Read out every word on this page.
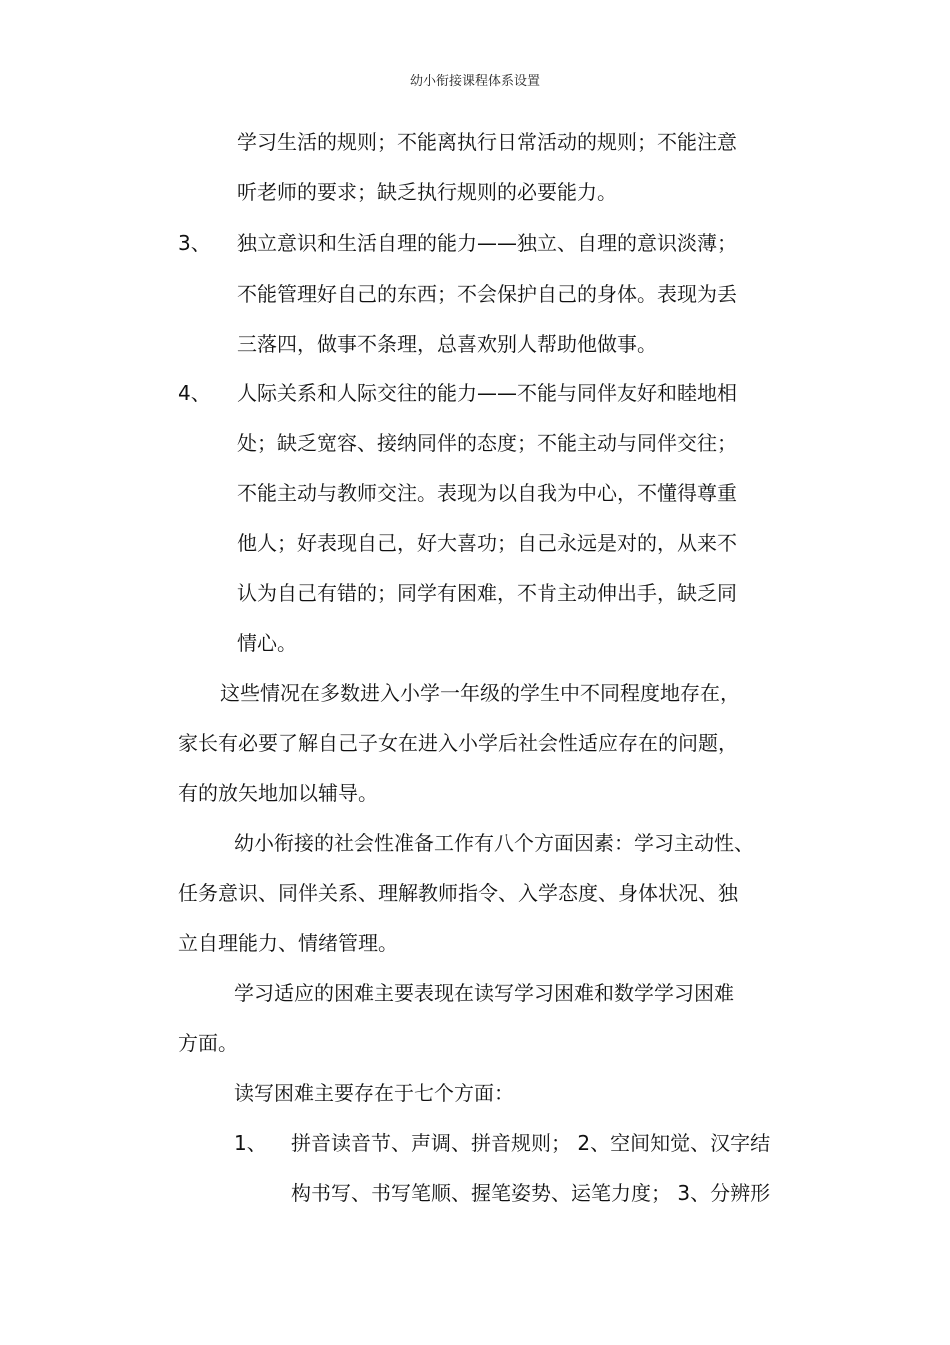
幼小衔接课程体系设置
学习生活的规则；不能离执行日常活动的规则；不能注意
听老师的要求；缺乏执行规则的必要能力。
3、 独立意识和生活自理的能力——独立、自理的意识淡薄；
不能管理好自己的东西；不会保护自己的身体。表现为丢
三落四，做事不条理，总喜欢别人帮助他做事。
4、 人际关系和人际交往的能力——不能与同伴友好和睦地相
处；缺乏宽容、接纳同伴的态度；不能主动与同伴交往；
不能主动与教师交注。表现为以自我为中心，不懂得尊重
他人；好表现自己，好大喜功；自己永远是对的，从来不
认为自己有错的；同学有困难，不肯主动伸出手，缺乏同
情心。
这些情况在多数进入小学一年级的学生中不同程度地存在，
家长有必要了解自己子女在进入小学后社会性适应存在的问题，
有的放矢地加以辅导。
幼小衔接的社会性准备工作有八个方面因素：学习主动性、
任务意识、同伴关系、理解教师指令、入学态度、身体状况、独
立自理能力、情绪管理。
学习适应的困难主要表现在读写学习困难和数学学习困难
方面。
读写困难主要存在于七个方面：
1、 拼音读音节、声调、拼音规则； 2、空间知觉、汉字结
构书写、书写笔顺、握笔姿势、运笔力度； 3、分辨形
